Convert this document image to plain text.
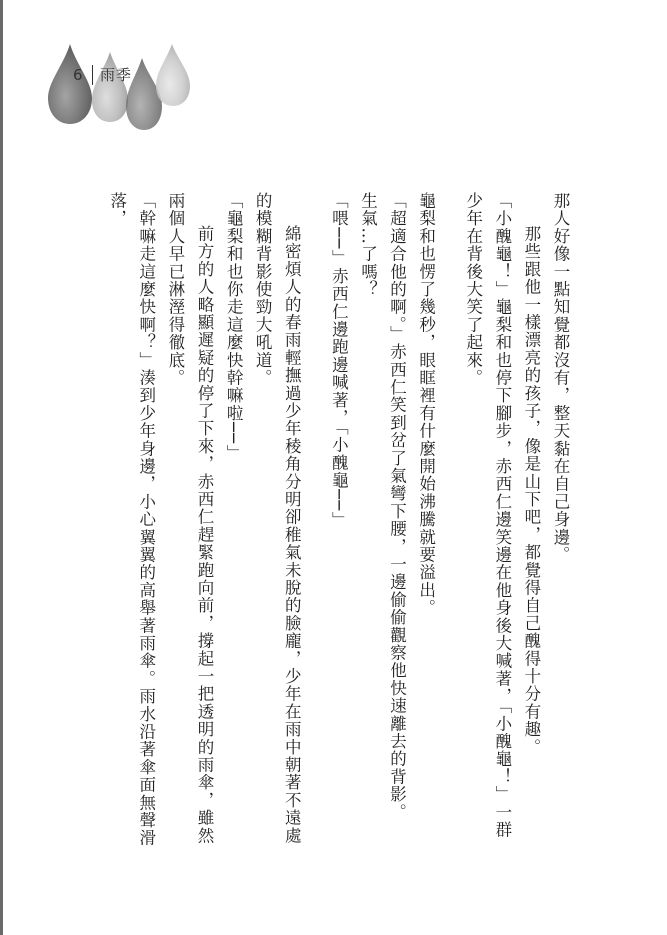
6 雨季

那人好像一點知覺都沒有，整天黏在自己身邊。

那些跟他一樣漂亮的孩子，像是山下吧，都覺得自己醜得十分有趣。

「小醜龜！」龜梨和也停下腳步，赤西仁邊笑邊在他身後大喊著，「小醜龜！」一群少年在背後大笑了起來。

龜梨和也愣了幾秒，眼眶裡有什麼開始沸騰就要溢出。

「超適合他的啊。」赤西仁笑到岔了氣彎下腰，一邊偷偷觀察他快速離去的背影。

生氣…了嗎？

「喂──」赤西仁邊跑邊喊著，「小醜龜──」

綿密煩人的春雨輕撫過少年稜角分明卻稚氣未脫的臉龐，少年在雨中朝著不遠處的模糊背影使勁大吼道。

「龜梨和也你走這麼快幹嘛啦──」

前方的人略顯遲疑的停了下來，赤西仁趕緊跑向前，撐起一把透明的雨傘，雖然兩個人早已淋溼得徹底。

「幹嘛走這麼快啊？」湊到少年身邊，小心翼翼的高舉著雨傘。雨水沿著傘面無聲滑落，
